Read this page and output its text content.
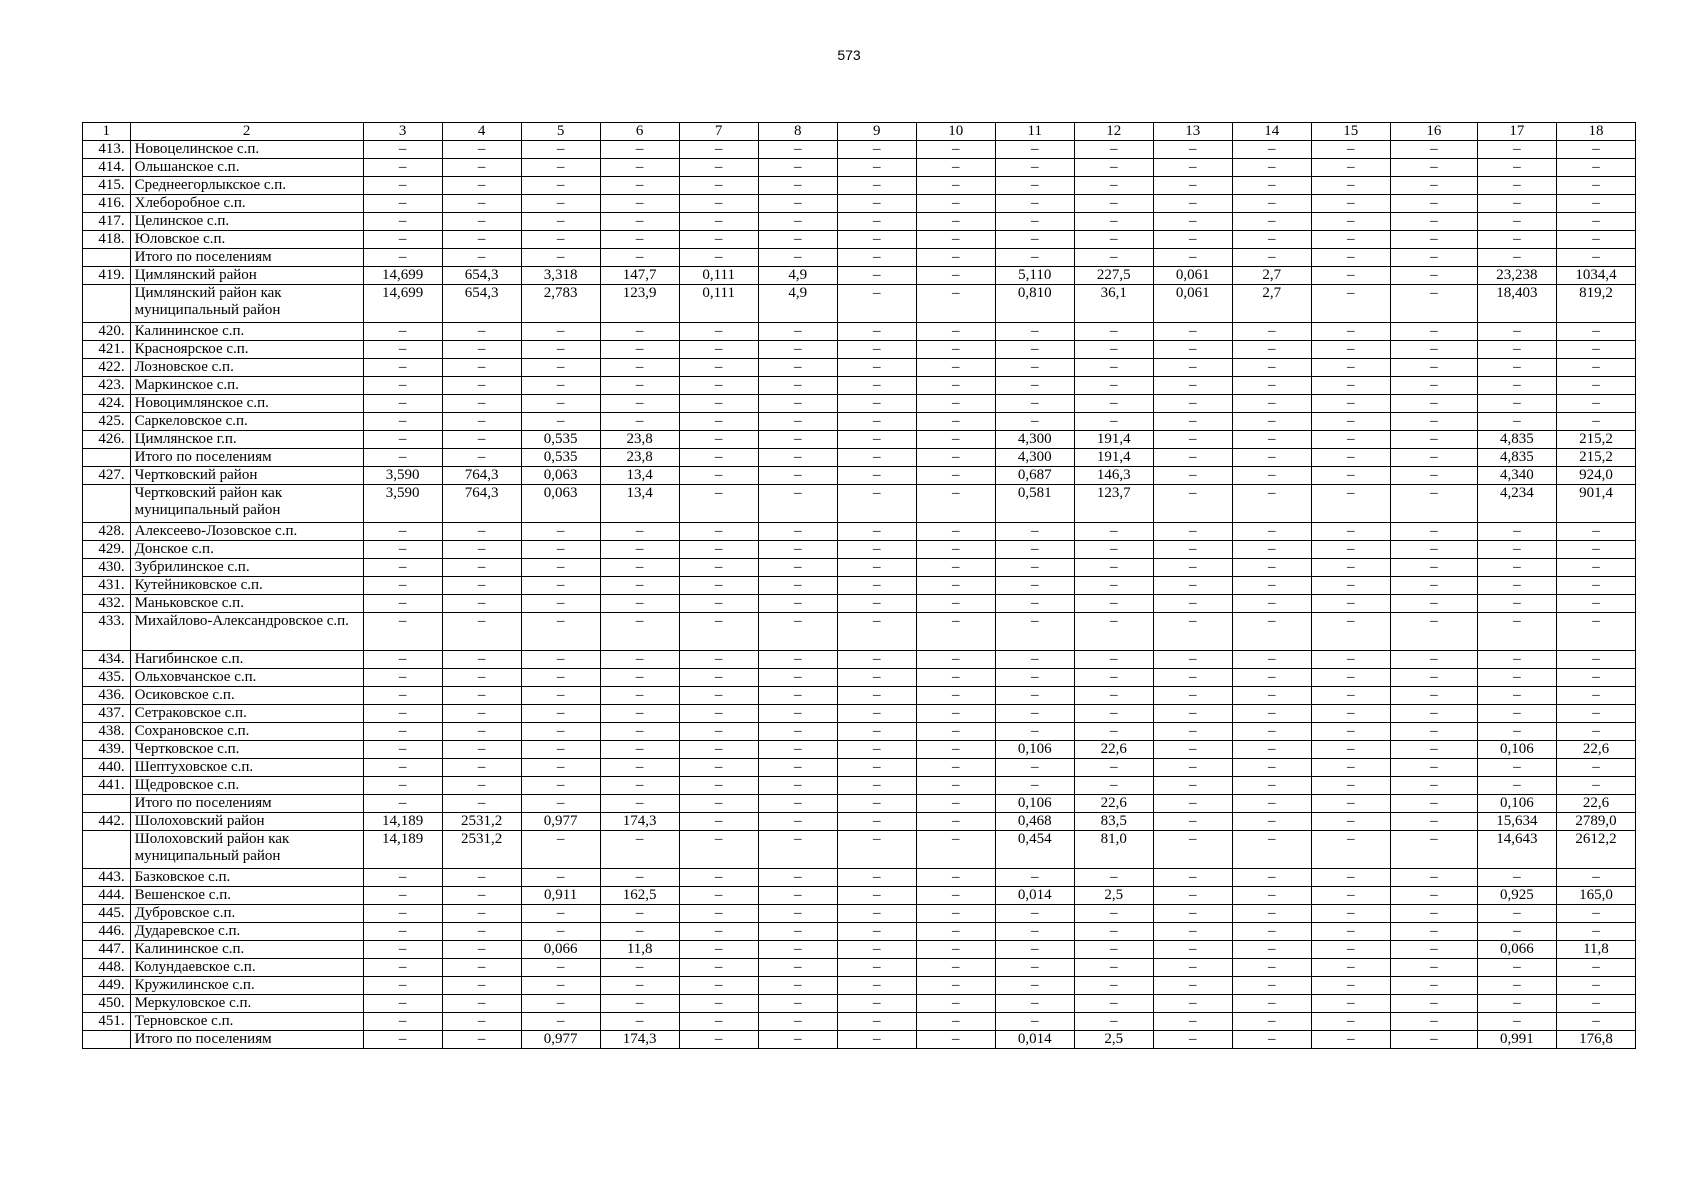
573
1	2	3	4	5	6	7	8	9	10	11	12	13	14	15	16	17	18
413.	Новоцелинское с.п.	–	–	–	–	–	–	–	–	–	–	–	–	–	–	–	–
414.	Ольшанское с.п.	–	–	–	–	–	–	–	–	–	–	–	–	–	–	–	–
415.	Среднеегорлыкское с.п.	–	–	–	–	–	–	–	–	–	–	–	–	–	–	–	–
416.	Хлеборобное с.п.	–	–	–	–	–	–	–	–	–	–	–	–	–	–	–	–
417.	Целинское с.п.	–	–	–	–	–	–	–	–	–	–	–	–	–	–	–	–
418.	Юловское с.п.	–	–	–	–	–	–	–	–	–	–	–	–	–	–	–	–
	Итого по поселениям	–	–	–	–	–	–	–	–	–	–	–	–	–	–	–	–
419.	Цимлянский район	14,699	654,3	3,318	147,7	0,111	4,9	–	–	5,110	227,5	0,061	2,7	–	–	23,238	1034,4
	Цимлянский район как муниципальный район	14,699	654,3	2,783	123,9	0,111	4,9	–	–	0,810	36,1	0,061	2,7	–	–	18,403	819,2
420.	Калининское с.п.	–	–	–	–	–	–	–	–	–	–	–	–	–	–	–	–
421.	Красноярское с.п.	–	–	–	–	–	–	–	–	–	–	–	–	–	–	–	–
422.	Лозновское с.п.	–	–	–	–	–	–	–	–	–	–	–	–	–	–	–	–
423.	Маркинское с.п.	–	–	–	–	–	–	–	–	–	–	–	–	–	–	–	–
424.	Новоцимлянское с.п.	–	–	–	–	–	–	–	–	–	–	–	–	–	–	–	–
425.	Саркеловское с.п.	–	–	–	–	–	–	–	–	–	–	–	–	–	–	–	–
426.	Цимлянское г.п.	–	–	0,535	23,8	–	–	–	–	4,300	191,4	–	–	–	–	4,835	215,2
	Итого по поселениям	–	–	0,535	23,8	–	–	–	–	4,300	191,4	–	–	–	–	4,835	215,2
427.	Чертковский район	3,590	764,3	0,063	13,4	–	–	–	–	0,687	146,3	–	–	–	–	4,340	924,0
	Чертковский район как муниципальный район	3,590	764,3	0,063	13,4	–	–	–	–	0,581	123,7	–	–	–	–	4,234	901,4
428.	Алексеево-Лозовское с.п.	–	–	–	–	–	–	–	–	–	–	–	–	–	–	–	–
429.	Донское с.п.	–	–	–	–	–	–	–	–	–	–	–	–	–	–	–	–
430.	Зубрилинское с.п.	–	–	–	–	–	–	–	–	–	–	–	–	–	–	–	–
431.	Кутейниковское с.п.	–	–	–	–	–	–	–	–	–	–	–	–	–	–	–	–
432.	Маньковское с.п.	–	–	–	–	–	–	–	–	–	–	–	–	–	–	–	–
433.	Михайлово-Александровское с.п.	–	–	–	–	–	–	–	–	–	–	–	–	–	–	–	–
434.	Нагибинское с.п.	–	–	–	–	–	–	–	–	–	–	–	–	–	–	–	–
435.	Ольховчанское с.п.	–	–	–	–	–	–	–	–	–	–	–	–	–	–	–	–
436.	Осиковское с.п.	–	–	–	–	–	–	–	–	–	–	–	–	–	–	–	–
437.	Сетраковское с.п.	–	–	–	–	–	–	–	–	–	–	–	–	–	–	–	–
438.	Сохрановское с.п.	–	–	–	–	–	–	–	–	–	–	–	–	–	–	–	–
439.	Чертковское с.п.	–	–	–	–	–	–	–	–	0,106	22,6	–	–	–	–	0,106	22,6
440.	Шептуховское с.п.	–	–	–	–	–	–	–	–	–	–	–	–	–	–	–	–
441.	Щедровское с.п.	–	–	–	–	–	–	–	–	–	–	–	–	–	–	–	–
	Итого по поселениям	–	–	–	–	–	–	–	–	0,106	22,6	–	–	–	–	0,106	22,6
442.	Шолоховский район	14,189	2531,2	0,977	174,3	–	–	–	–	0,468	83,5	–	–	–	–	15,634	2789,0
	Шолоховский район как муниципальный район	14,189	2531,2	–	–	–	–	–	–	0,454	81,0	–	–	–	–	14,643	2612,2
443.	Базковское с.п.	–	–	–	–	–	–	–	–	–	–	–	–	–	–	–	–
444.	Вешенское с.п.	–	–	0,911	162,5	–	–	–	–	0,014	2,5	–	–	–	–	0,925	165,0
445.	Дубровское с.п.	–	–	–	–	–	–	–	–	–	–	–	–	–	–	–	–
446.	Дударевское с.п.	–	–	–	–	–	–	–	–	–	–	–	–	–	–	–	–
447.	Калининское с.п.	–	–	0,066	11,8	–	–	–	–	–	–	–	–	–	–	0,066	11,8
448.	Колундаевское с.п.	–	–	–	–	–	–	–	–	–	–	–	–	–	–	–	–
449.	Кружилинское с.п.	–	–	–	–	–	–	–	–	–	–	–	–	–	–	–	–
450.	Меркуловское с.п.	–	–	–	–	–	–	–	–	–	–	–	–	–	–	–	–
451.	Терновское с.п.	–	–	–	–	–	–	–	–	–	–	–	–	–	–	–	–
	Итого по поселениям	–	–	0,977	174,3	–	–	–	–	0,014	2,5	–	–	–	–	0,991	176,8
